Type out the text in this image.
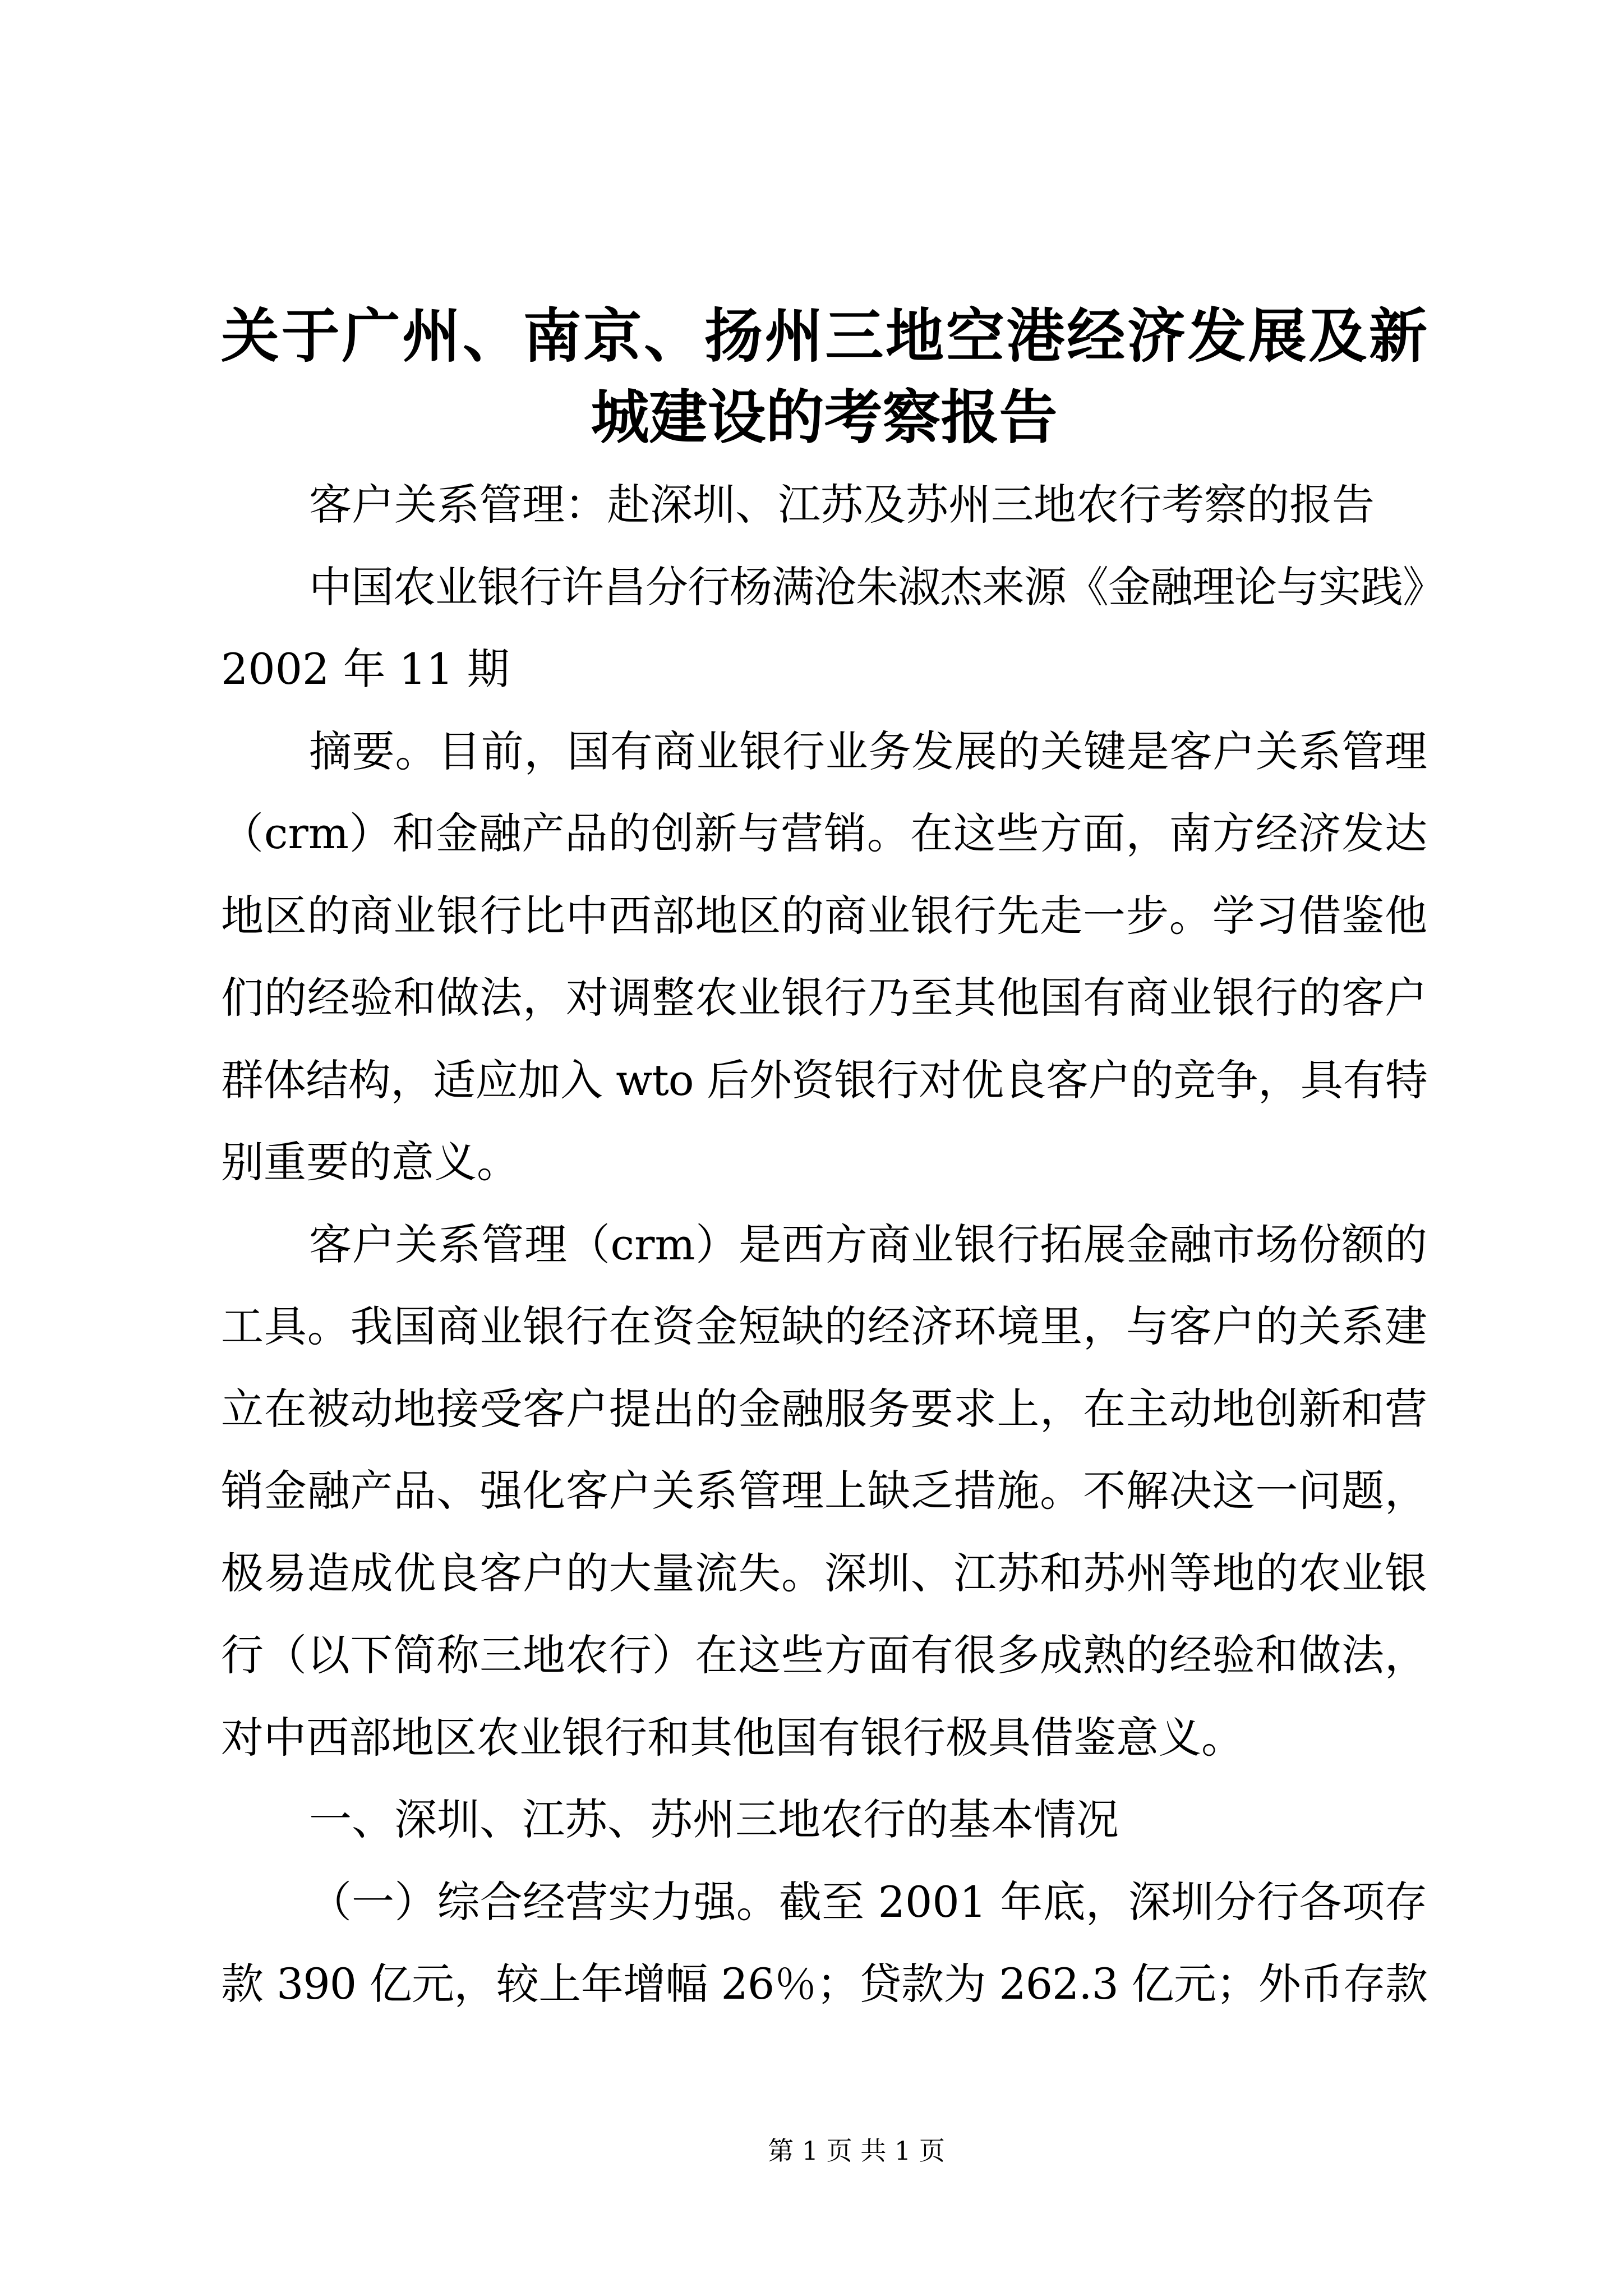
关于广州、南京、扬州三地空港经济发展及新
城建设的考察报告
客户关系管理：赴深圳、江苏及苏州三地农行考察的报告
中国农业银行许昌分行杨满沧朱淑杰来源《金融理论与实践》
2002 年 11 期
摘要。目前，国有商业银行业务发展的关键是客户关系管理
（crm）和金融产品的创新与营销。在这些方面，南方经济发达
地区的商业银行比中西部地区的商业银行先走一步。学习借鉴他
们的经验和做法，对调整农业银行乃至其他国有商业银行的客户
群体结构，适应加入 wto 后外资银行对优良客户的竞争，具有特
别重要的意义。
客户关系管理（crm）是西方商业银行拓展金融市场份额的
工具。我国商业银行在资金短缺的经济环境里，与客户的关系建
立在被动地接受客户提出的金融服务要求上，在主动地创新和营
销金融产品、强化客户关系管理上缺乏措施。不解决这一问题，
极易造成优良客户的大量流失。深圳、江苏和苏州等地的农业银
行（以下简称三地农行）在这些方面有很多成熟的经验和做法，
对中西部地区农业银行和其他国有银行极具借鉴意义。
一、深圳、江苏、苏州三地农行的基本情况
（一）综合经营实力强。截至 2001 年底，深圳分行各项存
款 390 亿元，较上年增幅 26％；贷款为 262.3 亿元；外币存款
第 1 页 共 1 页
